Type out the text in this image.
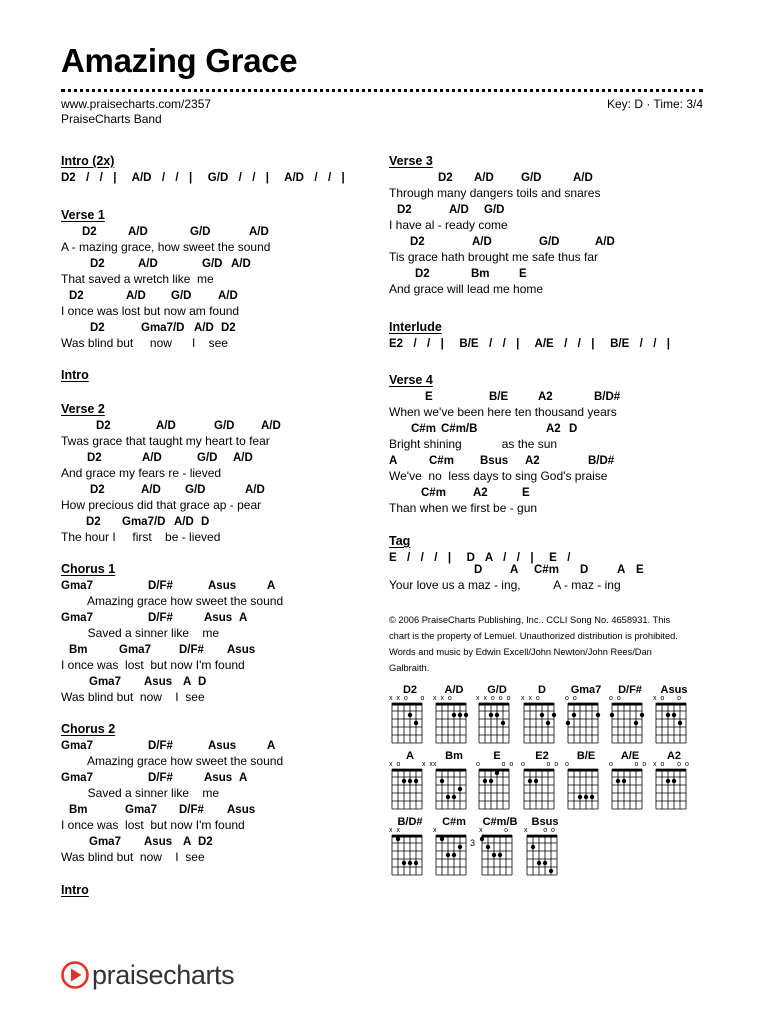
Amazing Grace
www.praisecharts.com/2357
PraiseCharts Band
Key: D · Time: 3/4
Intro (2x)
D2  /  /  |   A/D  /  /  |   G/D  /  /  |   A/D  /  /  |
Verse 1
D2	A/D	G/D	A/D
A - mazing grace, how sweet the sound
D2	A/D	G/D A/D
That saved a wretch like  me
D2	A/D G/D A/D
I once was lost but now am found
D2	Gma7/D A/D D2
Was blind but     now      I    see
Intro
Verse 2
D2	A/D	G/D A/D
Twas grace that taught my heart to fear
D2	A/D	G/D A/D
And grace my fears re - lieved
D2	A/D G/D	A/D
How precious did that grace ap - pear
D2 Gma7/D A/D D
The hour I     first    be - lieved
Chorus 1
Gma7	D/F#	Asus	A
Amazing grace how sweet the sound
Gma7	D/F#	Asus A
Saved a sinner like    me
Bm	Gma7 D/F# Asus
I once was  lost  but now I'm found
Gma7 Asus A D
Was blind but  now    I  see
Chorus 2
Gma7	D/F#	Asus	A
Amazing grace how sweet the sound
Gma7	D/F#	Asus A
Saved a sinner like    me
Bm	Gma7 D/F# Asus
I once was  lost  but now I'm found
Gma7 Asus A D2
Was blind but  now    I  see
Intro
Verse 3
D2 A/D G/D	A/D
Through many dangers toils and snares
D2	A/D G/D
I have al - ready come
D2	A/D	G/D	A/D
Tis grace hath brought me safe thus far
D2	Bm	E
And grace will lead me home
Interlude
E2  /  /  |   B/E  /  /  |   A/E  /  /  |   B/E  /  /  |
Verse 4
E	B/E	A2	B/D#
When we've been here ten thousand years
C#m C#m/B	A2 D
Bright shining            as the sun
A	C#m Bsus A2	B/D#
We've  no  less days to sing God's praise
C#m A2	E
Than when we first be - gun
Tag
E  /  /  /  |   D  A  /  /  |   E  /
D A C#m D A E
Your love us a maz - ing,          A - maz - ing
© 2006 PraiseCharts Publishing, Inc.. CCLI Song No. 4658931. This
chart is the property of Lemuel. Unauthorized distribution is prohibited.
Words and music by Edwin Excell/John Newton/John Rees/Dan
Galbraith.
D2
x x o    o
A/D
x x o
G/D
x x o o o
D
x x o
Gma7
o o
D/F#
o o
Asus
x o    o
A
x o       x x
Bm
x
E
o       o o
E2
o       o o
B/E
o
A/E
o       o o
A2
x o    o o
B/D#
x x
C#m
x
C#m/B
x       o
Bsus
x     o o
3
praisecharts
